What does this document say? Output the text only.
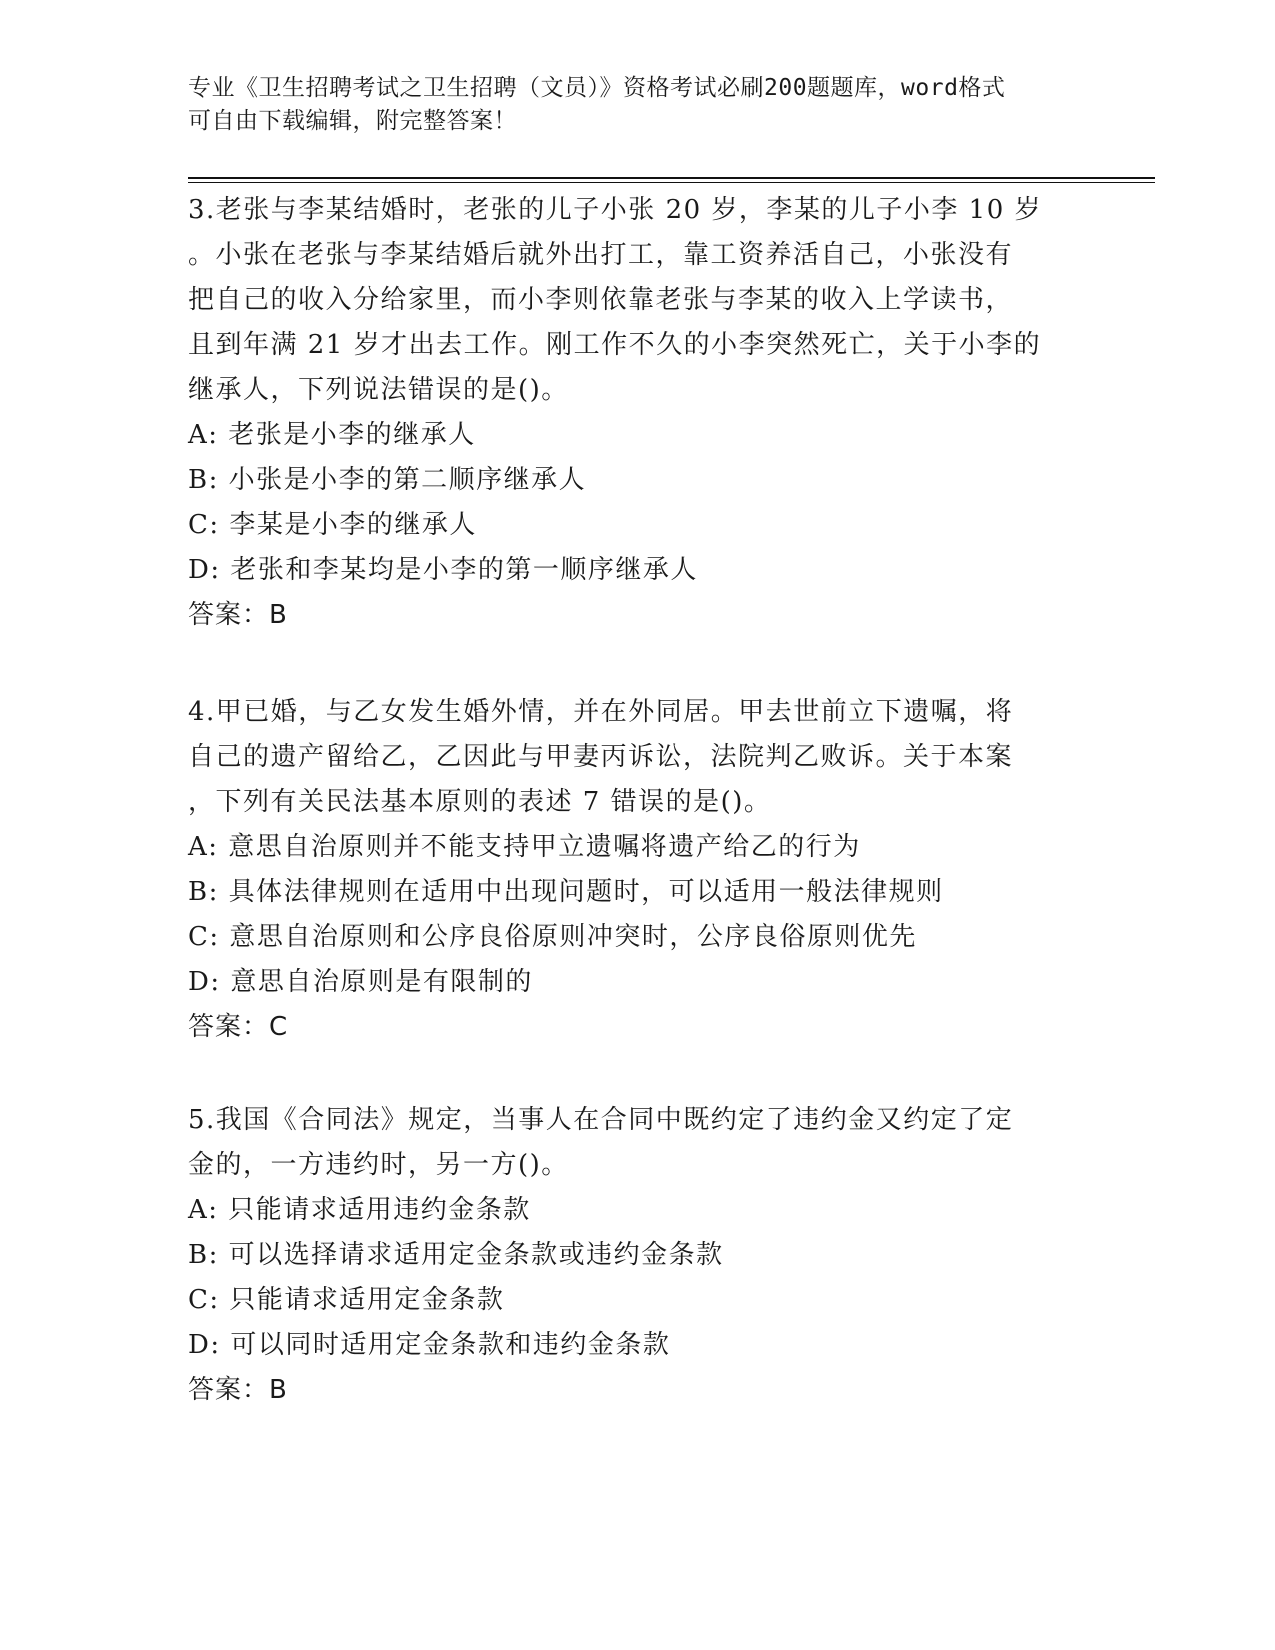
专业《卫生招聘考试之卫生招聘（文员）》资格考试必刷200题题库，word格式
可自由下载编辑，附完整答案！
3.老张与李某结婚时，老张的儿子小张 20 岁，李某的儿子小李 10 岁
。小张在老张与李某结婚后就外出打工，靠工资养活自己，小张没有
把自己的收入分给家里，而小李则依靠老张与李某的收入上学读书，
且到年满 21 岁才出去工作。刚工作不久的小李突然死亡，关于小李的
继承人，下列说法错误的是()。
A: 老张是小李的继承人
B: 小张是小李的第二顺序继承人
C: 李某是小李的继承人
D: 老张和李某均是小李的第一顺序继承人
答案：B
4.甲已婚，与乙女发生婚外情，并在外同居。甲去世前立下遗嘱，将
自己的遗产留给乙，乙因此与甲妻丙诉讼，法院判乙败诉。关于本案
，下列有关民法基本原则的表述 7 错误的是()。
A: 意思自治原则并不能支持甲立遗嘱将遗产给乙的行为
B: 具体法律规则在适用中出现问题时，可以适用一般法律规则
C: 意思自治原则和公序良俗原则冲突时，公序良俗原则优先
D: 意思自治原则是有限制的
答案：C
5.我国《合同法》规定，当事人在合同中既约定了违约金又约定了定
金的，一方违约时，另一方()。
A: 只能请求适用违约金条款
B: 可以选择请求适用定金条款或违约金条款
C: 只能请求适用定金条款
D: 可以同时适用定金条款和违约金条款
答案：B
